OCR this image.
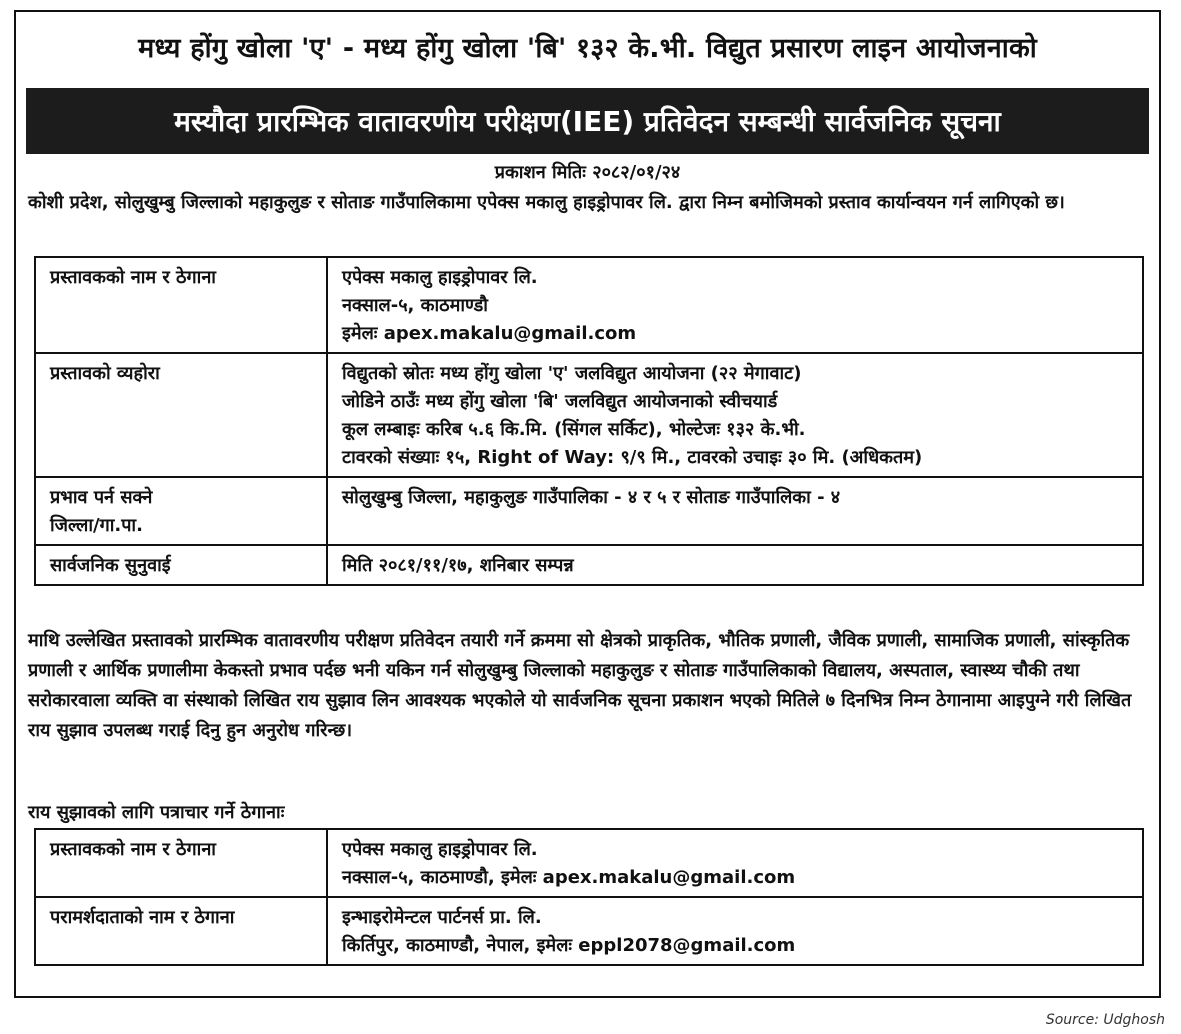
मध्य होंगु खोला 'ए' - मध्य होंगु खोला 'बि' १३२ के.भी. विद्युत प्रसारण लाइन आयोजनाको
मस्यौदा प्रारम्भिक वातावरणीय परीक्षण(IEE) प्रतिवेदन सम्बन्धी सार्वजनिक सूचना
प्रकाशन मितिः २०८२/०१/२४
कोशी प्रदेश, सोलुखुम्बु जिल्लाको महाकुलुङ र सोताङ गाउँपालिकामा एपेक्स मकालु हाइड्रोपावर लि. द्वारा निम्न बमोजिमको प्रस्ताव कार्यान्वयन गर्न लागिएको छ।
प्रस्तावकको नाम र ठेगाना	एपेक्स मकालु हाइड्रोपावर लि.
नक्साल-५, काठमाण्डौ
इमेलः apex.makalu@gmail.com

प्रस्तावको व्यहोरा	विद्युतको स्रोतः मध्य होंगु खोला 'ए' जलविद्युत आयोजना (२२ मेगावाट)
जोडिने ठाउँः मध्य होंगु खोला 'बि' जलविद्युत आयोजनाको स्वीचयार्ड
कूल लम्बाइः करिब ५.६ कि.मि. (सिंगल सर्किट), भोल्टेजः १३२ के.भी.
टावरको संख्याः १५, Right of Way: ९/९ मि., टावरको उचाइः ३० मि. (अधिकतम)

प्रभाव पर्न सक्ने
जिल्ला/गा.पा.	सोलुखुम्बु जिल्ला, महाकुलुङ गाउँपालिका - ४ र ५ र सोताङ गाउँपालिका - ४

सार्वजनिक सुनुवाई	मिति २०८१/११/१७, शनिबार सम्पन्न
माथि उल्लेखित प्रस्तावको प्रारम्भिक वातावरणीय परीक्षण प्रतिवेदन तयारी गर्ने क्रममा सो क्षेत्रको प्राकृतिक, भौतिक प्रणाली, जैविक प्रणाली, सामाजिक प्रणाली, सांस्कृतिक प्रणाली र आर्थिक प्रणालीमा केकस्तो प्रभाव पर्दछ भनी यकिन गर्न सोलुखुम्बु जिल्लाको महाकुलुङ र सोताङ गाउँपालिकाको विद्यालय, अस्पताल, स्वास्थ्य चौकी तथा सरोकारवाला व्यक्ति वा संस्थाको लिखित राय सुझाव लिन आवश्यक भएकोले यो सार्वजनिक सूचना प्रकाशन भएको मितिले ७ दिनभित्र निम्न ठेगानामा आइपुग्ने गरी लिखित राय सुझाव उपलब्ध गराई दिनु हुन अनुरोध गरिन्छ।
राय सुझावको लागि पत्राचार गर्ने ठेगानाः
प्रस्तावकको नाम र ठेगाना	एपेक्स मकालु हाइड्रोपावर लि.
नक्साल-५, काठमाण्डौ, इमेलः apex.makalu@gmail.com

परामर्शदाताको नाम र ठेगाना	इन्भाइरोमेन्टल पार्टनर्स प्रा. लि.
किर्तिपुर, काठमाण्डौ, नेपाल, इमेलः eppl2078@gmail.com
Source: Udghosh
